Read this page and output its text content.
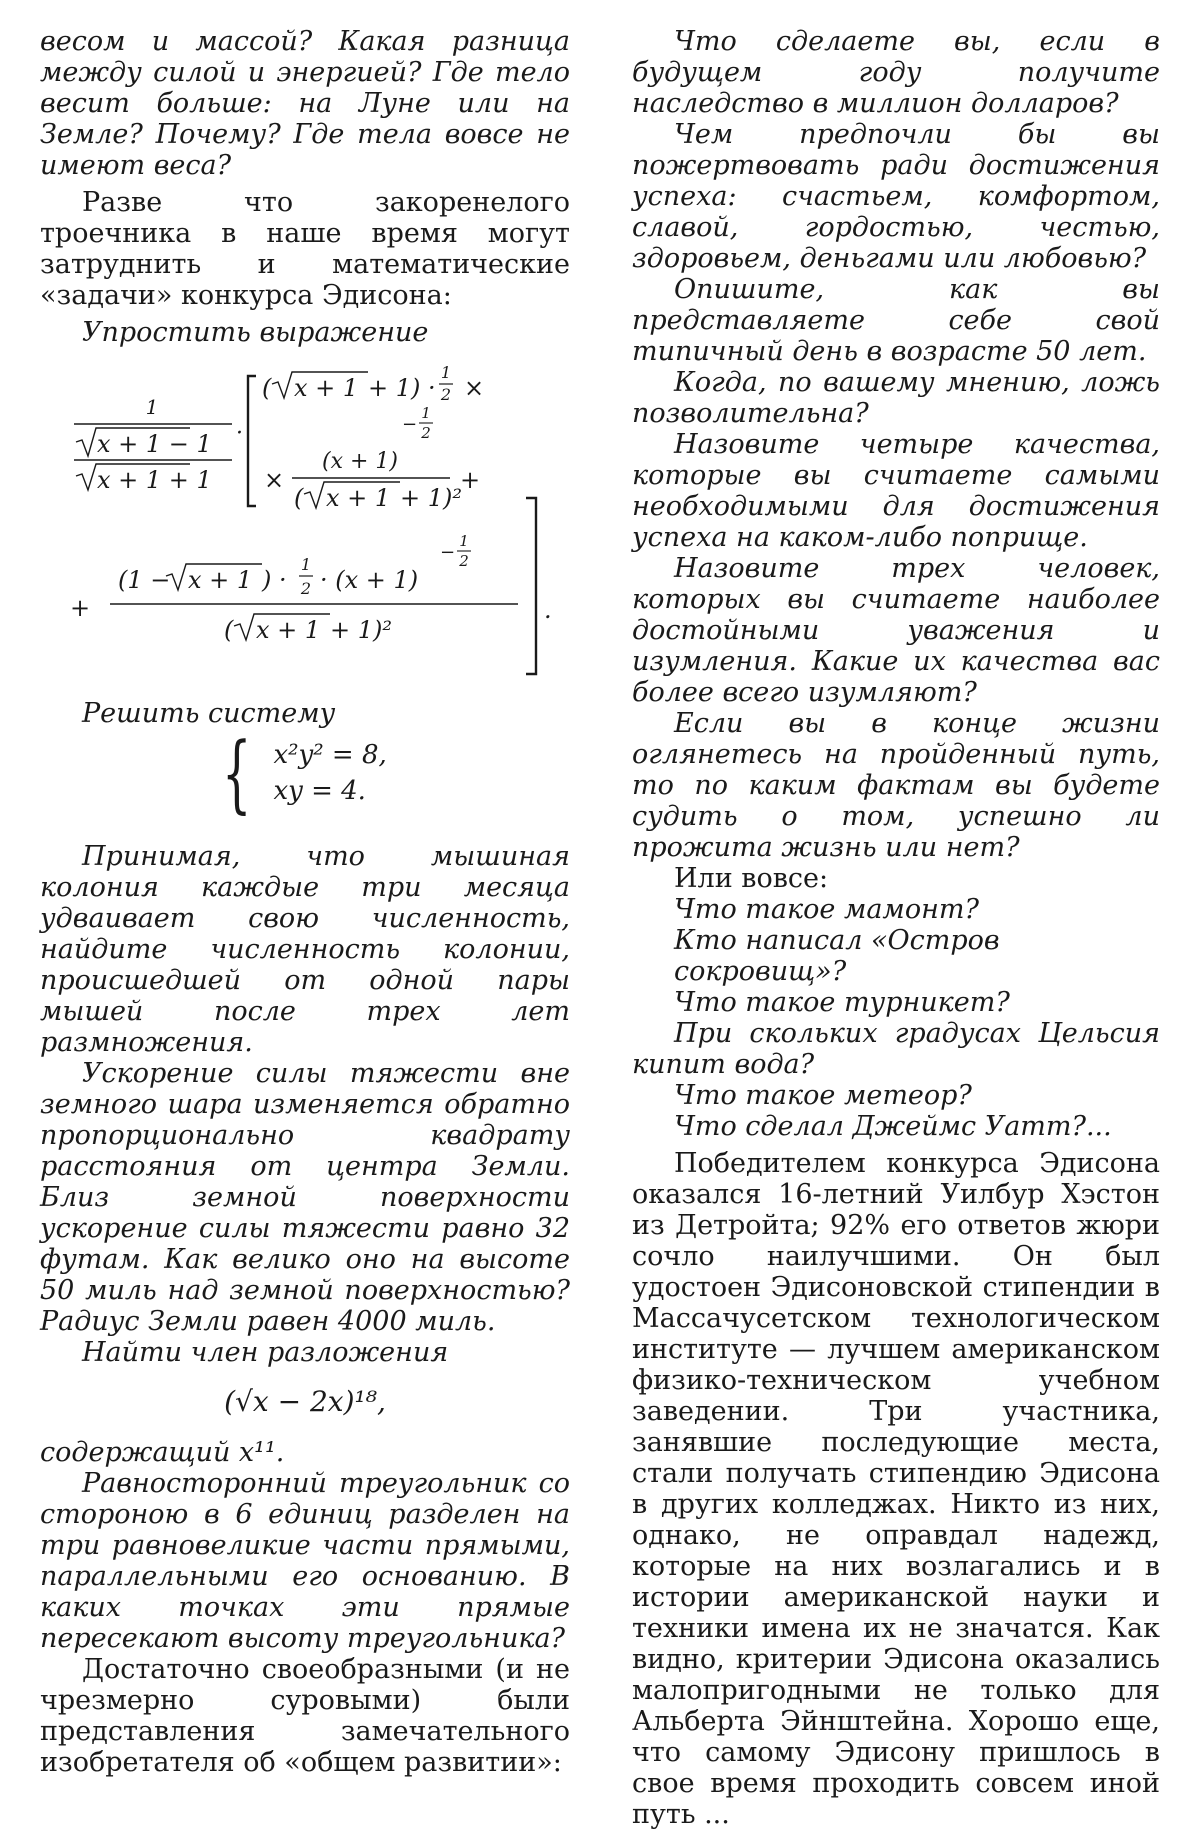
весом и массой? Какая разница между силой и энергией? Где тело весит больше: на Луне или на Земле? Почему? Где тела вовсе не имеют веса?

Разве что закоренелого троечника в наше время могут затруднить и математические «задачи» конкурса Эдисона:

Упростить выражение

1
x + 1 − 1
x + 1 + 1
·
( x + 1 + 1) ·
1
2 ×
−
1
2
×
(x + 1)
( x + 1 + 1)²
+
+
(1 − x + 1 ) ·
1
2 · (x + 1)
−
1
2
( x + 1 + 1)²
.

Решить систему

{ x²y² = 8,
xy = 4.

Принимая, что мышиная колония каждые три месяца удваивает свою численность, найдите численность колонии, происшедшей от одной пары мышей после трех лет размножения.

Ускорение силы тяжести вне земного шара изменяется обратно пропорционально квадрату расстояния от центра Земли. Близ земной поверхности ускорение силы тяжести равно 32 футам. Как велико оно на высоте 50 миль над земной поверхностью? Радиус Земли равен 4000 миль.

Найти член разложения

(√x − 2x)¹⁸,

содержащий x¹¹.

Равносторонний треугольник со стороною в 6 единиц разделен на три равновеликие части прямыми, параллельными его основанию. В каких точках эти прямые пересекают высоту треугольника?

Достаточно своеобразными (и не чрезмерно суровыми) были представления замечательного изобретателя об «общем развитии»:

Что сделаете вы, если в будущем году получите наследство в миллион долларов?

Чем предпочли бы вы пожертвовать ради достижения успеха: счастьем, комфортом, славой, гордостью, честью, здоровьем, деньгами или любовью?

Опишите, как вы представляете себе свой типичный день в возрасте 50 лет.

Когда, по вашему мнению, ложь позволительна?

Назовите четыре качества, которые вы считаете самыми необходимыми для достижения успеха на каком-либо поприще.

Назовите трех человек, которых вы считаете наиболее достойными уважения и изумления. Какие их качества вас более всего изумляют?

Если вы в конце жизни оглянетесь на пройденный путь, то по каким фактам вы будете судить о том, успешно ли прожита жизнь или нет?

Или вовсе:

Что такое мамонт?

Кто написал «Остров сокровищ»?

Что такое турникет?

При скольких градусах Цельсия кипит вода?

Что такое метеор?

Что сделал Джеймс Уатт?...

Победителем конкурса Эдисона оказался 16-летний Уилбур Хэстон из Детройта; 92% его ответов жюри сочло наилучшими. Он был удостоен Эдисоновской стипендии в Массачусетском технологическом институте — лучшем американском физико-техническом учебном заведении. Три участника, занявшие последующие места, стали получать стипендию Эдисона в других колледжах. Никто из них, однако, не оправдал надежд, которые на них возлагались и в истории американской науки и техники имена их не значатся. Как видно, критерии Эдисона оказались малопригодными не только для Альберта Эйнштейна. Хорошо еще, что самому Эдисону пришлось в свое время проходить совсем иной путь ...
